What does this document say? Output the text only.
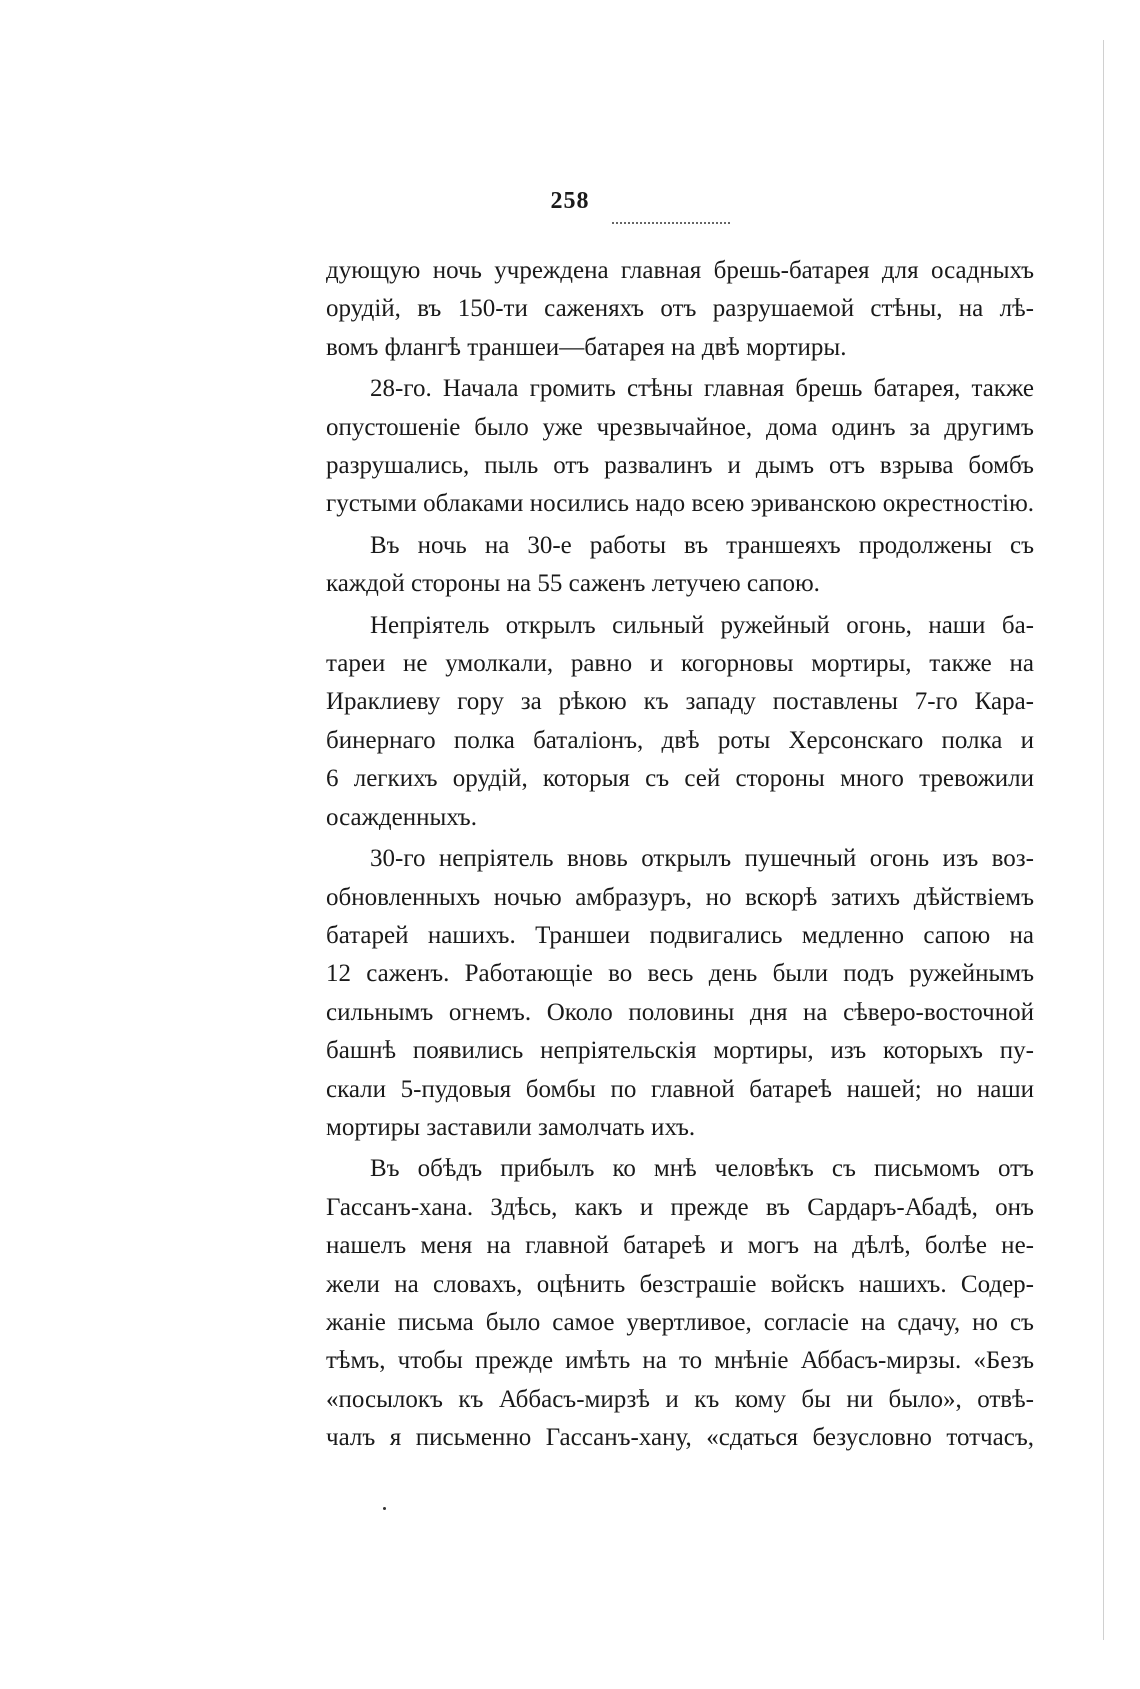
258

дующую ночь учреждена главная брешь-батарея для осадныхъ
орудій, въ 150-ти саженяхъ отъ разрушаемой стѣны, на лѣ-
вомъ флангѣ траншеи—батарея на двѣ мортиры.

28-го. Начала громить стѣны главная брешь батарея, также
опустошеніе было уже чрезвычайное, дома одинъ за другимъ
разрушались, пыль отъ развалинъ и дымъ отъ взрыва бомбъ
густыми облаками носились надо всею эриванскою окрестностію.

Въ ночь на 30-е работы въ траншеяхъ продолжены съ
каждой стороны на 55 саженъ летучею сапою.

Непріятель открылъ сильный ружейный огонь, наши ба-
тареи не умолкали, равно и когорновы мортиры, также на
Ираклиеву гору за рѣкою къ западу поставлены 7-го Кара-
бинернаго полка баталіонъ, двѣ роты Херсонскаго полка и
6 легкихъ орудій, которыя съ сей стороны много тревожили
осажденныхъ.

30-го непріятель вновь открылъ пушечный огонь изъ воз-
обновленныхъ ночью амбразуръ, но вскорѣ затихъ дѣйствіемъ
батарей нашихъ. Траншеи подвигались медленно сапою на
12 саженъ. Работающіе во весь день были подъ ружейнымъ
сильнымъ огнемъ. Около половины дня на сѣверо-восточной
башнѣ появились непріятельскія мортиры, изъ которыхъ пу-
скали 5-пудовыя бомбы по главной батареѣ нашей; но наши
мортиры заставили замолчать ихъ.

Въ обѣдъ прибылъ ко мнѣ человѣкъ съ письмомъ отъ
Гассанъ-хана. Здѣсь, какъ и прежде въ Сардаръ-Абадѣ, онъ
нашелъ меня на главной батареѣ и могъ на дѣлѣ, болѣе не-
жели на словахъ, оцѣнить безстрашіе войскъ нашихъ. Содер-
жаніе письма было самое увертливое, согласіе на сдачу, но съ
тѣмъ, чтобы прежде имѣть на то мнѣніе Аббасъ-мирзы. «Безъ
«посылокъ къ Аббасъ-мирзѣ и къ кому бы ни было», отвѣ-
чалъ я письменно Гассанъ-хану, «сдаться безусловно тотчасъ,
